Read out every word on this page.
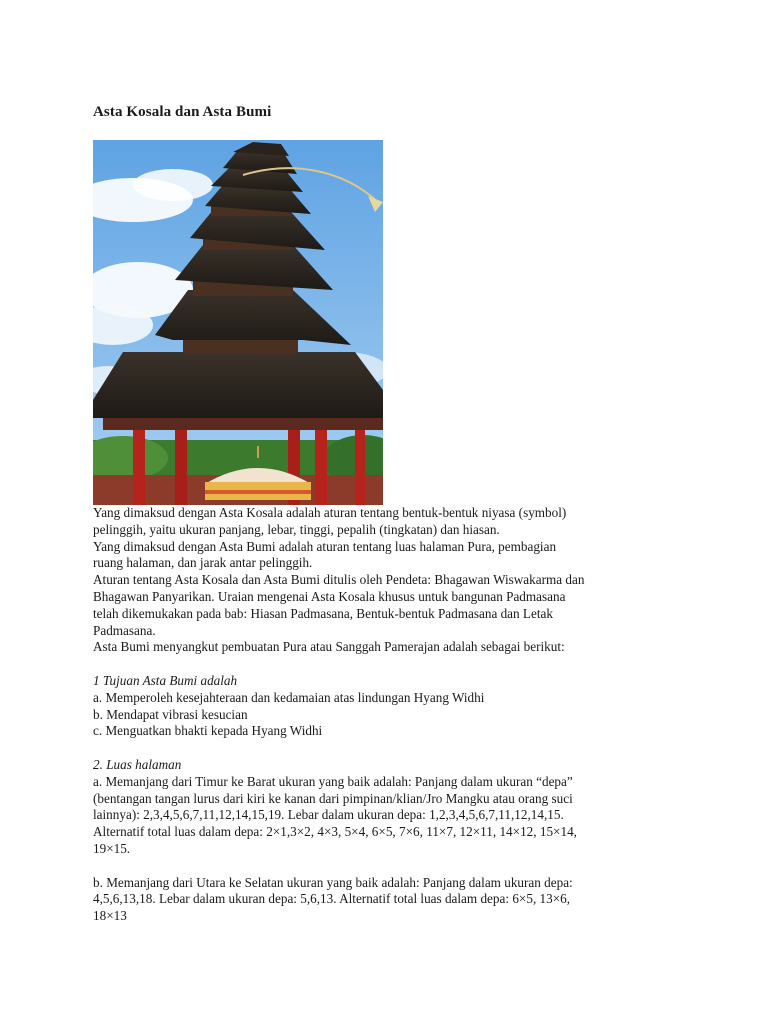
Asta Kosala dan Asta Bumi

Yang dimaksud dengan Asta Kosala adalah aturan tentang bentuk-bentuk niyasa (symbol)

pelinggih, yaitu ukuran panjang, lebar, tinggi, pepalih (tingkatan) dan hiasan.

Yang dimaksud dengan Asta Bumi adalah aturan tentang luas halaman Pura, pembagian

ruang halaman, dan jarak antar pelinggih.

Aturan tentang Asta Kosala dan Asta Bumi ditulis oleh Pendeta: Bhagawan Wiswakarma dan

Bhagawan Panyarikan. Uraian mengenai Asta Kosala khusus untuk bangunan Padmasana

telah dikemukakan pada bab: Hiasan Padmasana, Bentuk-bentuk Padmasana dan Letak

Padmasana.

Asta Bumi menyangkut pembuatan Pura atau Sanggah Pamerajan adalah sebagai berikut:

1 Tujuan Asta Bumi adalah

a. Memperoleh kesejahteraan dan kedamaian atas lindungan Hyang Widhi

b. Mendapat vibrasi kesucian

c. Menguatkan bhakti kepada Hyang Widhi

2. Luas halaman

a. Memanjang dari Timur ke Barat ukuran yang baik adalah: Panjang dalam ukuran “depa”

(bentangan tangan lurus dari kiri ke kanan dari pimpinan/klian/Jro Mangku atau orang suci

lainnya): 2,3,4,5,6,7,11,12,14,15,19. Lebar dalam ukuran depa: 1,2,3,4,5,6,7,11,12,14,15.

Alternatif total luas dalam depa: 2×1,3×2, 4×3, 5×4, 6×5, 7×6, 11×7, 12×11, 14×12, 15×14,

19×15.

b. Memanjang dari Utara ke Selatan ukuran yang baik adalah: Panjang dalam ukuran depa:

4,5,6,13,18. Lebar dalam ukuran depa: 5,6,13. Alternatif total luas dalam depa: 6×5, 13×6,

18×13
